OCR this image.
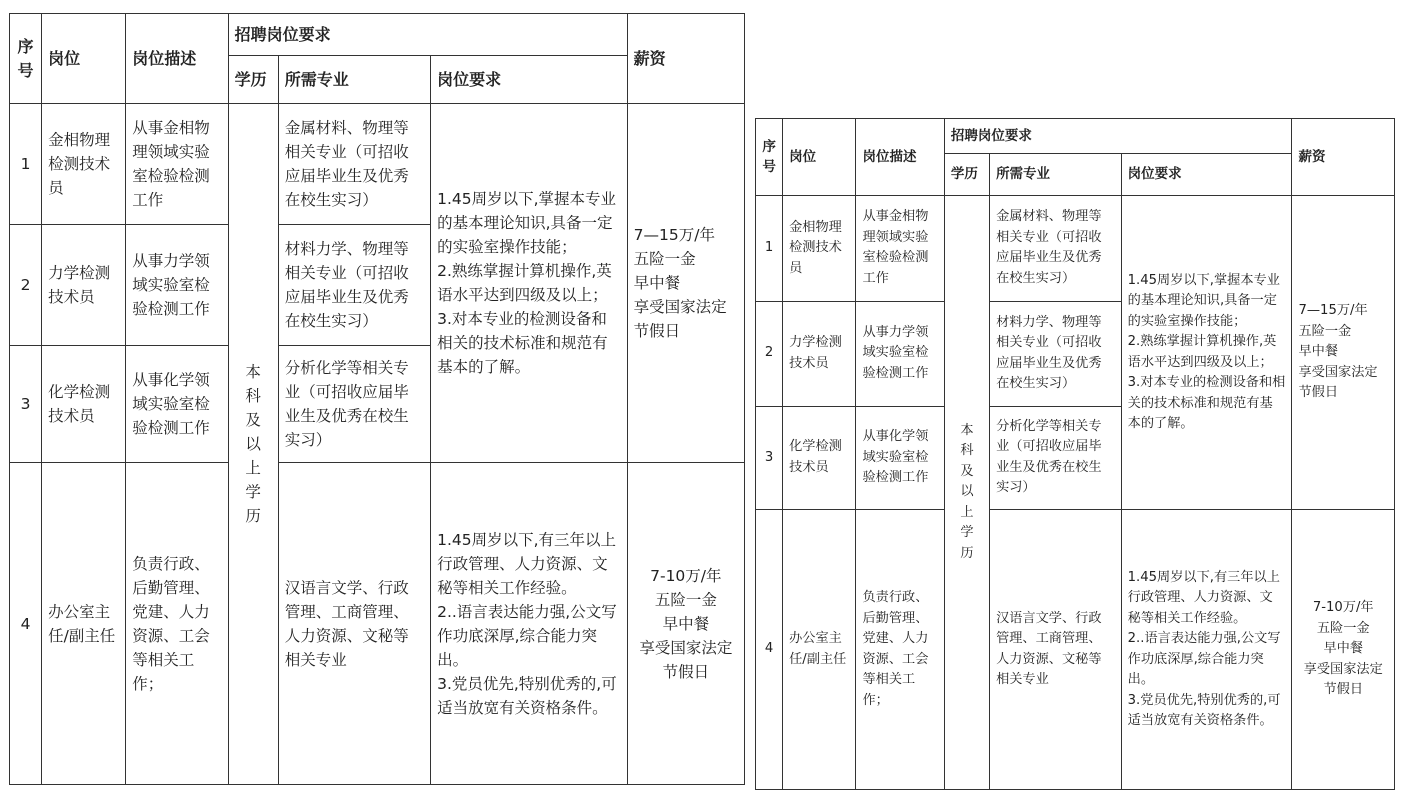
序号	岗位	岗位描述	招聘岗位要求			薪资
			学历	所需专业	岗位要求	
1	金相物理检测技术员	从事金相物理领域实验室检验检测工作	本科及以上学历	金属材料、物理等相关专业（可招收应届毕业生及优秀在校生实习）	1.45周岁以下,掌握本专业的基本理论知识,具备一定的实验室操作技能；
2.熟练掌握计算机操作,英语水平达到四级及以上；
3.对本专业的检测设备和相关的技术标准和规范有基本的了解。	7—15万/年
五险一金
早中餐
享受国家法定
节假日
2	力学检测技术员	从事力学领域实验室检验检测工作		材料力学、物理等相关专业（可招收应届毕业生及优秀在校生实习）		
3	化学检测技术员	从事化学领域实验室检验检测工作		分析化学等相关专业（可招收应届毕业生及优秀在校生实习）		
4	办公室主任/副主任	负责行政、后勤管理、党建、人力资源、工会等相关工作；		汉语言文学、行政管理、工商管理、人力资源、文秘等相关专业	1.45周岁以下,有三年以上行政管理、人力资源、文秘等相关工作经验。
2..语言表达能力强,公文写作功底深厚,综合能力突出。
3.党员优先,特别优秀的,可适当放宽有关资格条件。	7-10万/年
五险一金
早中餐
享受国家法定
节假日
序号	岗位	岗位描述	招聘岗位要求			薪资
			学历	所需专业	岗位要求	
1	金相物理检测技术员	从事金相物理领域实验室检验检测工作	本科及以上学历	金属材料、物理等相关专业（可招收应届毕业生及优秀在校生实习）	1.45周岁以下,掌握本专业的基本理论知识,具备一定的实验室操作技能；
2.熟练掌握计算机操作,英语水平达到四级及以上；
3.对本专业的检测设备和相关的技术标准和规范有基本的了解。	7—15万/年
五险一金
早中餐
享受国家法定
节假日
2	力学检测技术员	从事力学领域实验室检验检测工作		材料力学、物理等相关专业（可招收应届毕业生及优秀在校生实习）		
3	化学检测技术员	从事化学领域实验室检验检测工作		分析化学等相关专业（可招收应届毕业生及优秀在校生实习）		
4	办公室主任/副主任	负责行政、后勤管理、党建、人力资源、工会等相关工作；		汉语言文学、行政管理、工商管理、人力资源、文秘等相关专业	1.45周岁以下,有三年以上行政管理、人力资源、文秘等相关工作经验。
2..语言表达能力强,公文写作功底深厚,综合能力突出。
3.党员优先,特别优秀的,可适当放宽有关资格条件。	7-10万/年
五险一金
早中餐
享受国家法定
节假日
